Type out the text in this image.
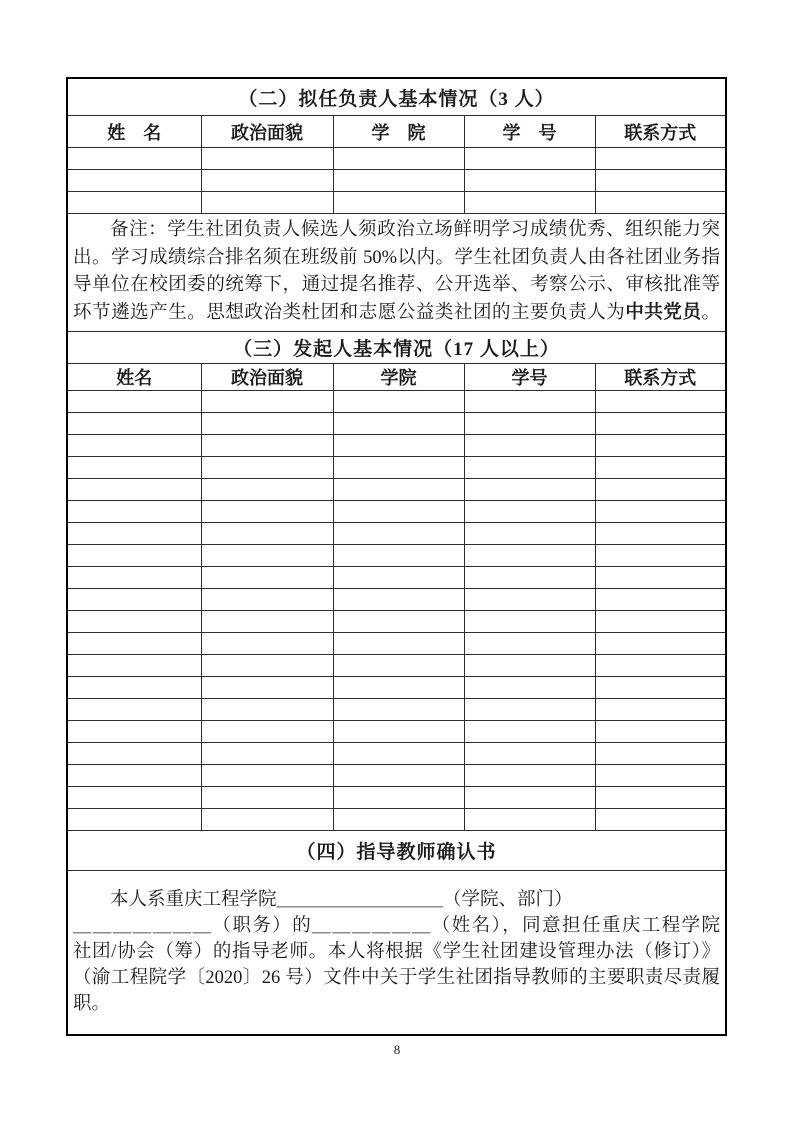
（二）拟任负责人基本情况（3 人）				
姓　名	政治面貌	学　院	学　号	联系方式

备注：学生社团负责人候选人须政治立场鲜明学习成绩优秀、组织能力突
出。学习成绩综合排名须在班级前 50%以内。学生社团负责人由各社团业务指
导单位在校团委的统筹下，通过提名推荐、公开选举、考察公示、审核批准等
环节遴选产生。思想政治类杜团和志愿公益类社团的主要负责人为中共党员。				

（三）发起人基本情况（17 人以上）				
姓名	政治面貌	学院	学号	联系方式

（四）指导教师确认书				

本人系重庆工程学院＿＿＿＿＿＿＿＿＿（学院、部门）
＿＿＿＿＿＿＿（职务）的＿＿＿＿＿＿（姓名），同意担任重庆工程学院
社团/协会（筹）的指导老师。本人将根据《学生社团建设管理办法（修订）》
（渝工程院学〔2020〕26 号）文件中关于学生社团指导教师的主要职责尽责履
职。				
8
